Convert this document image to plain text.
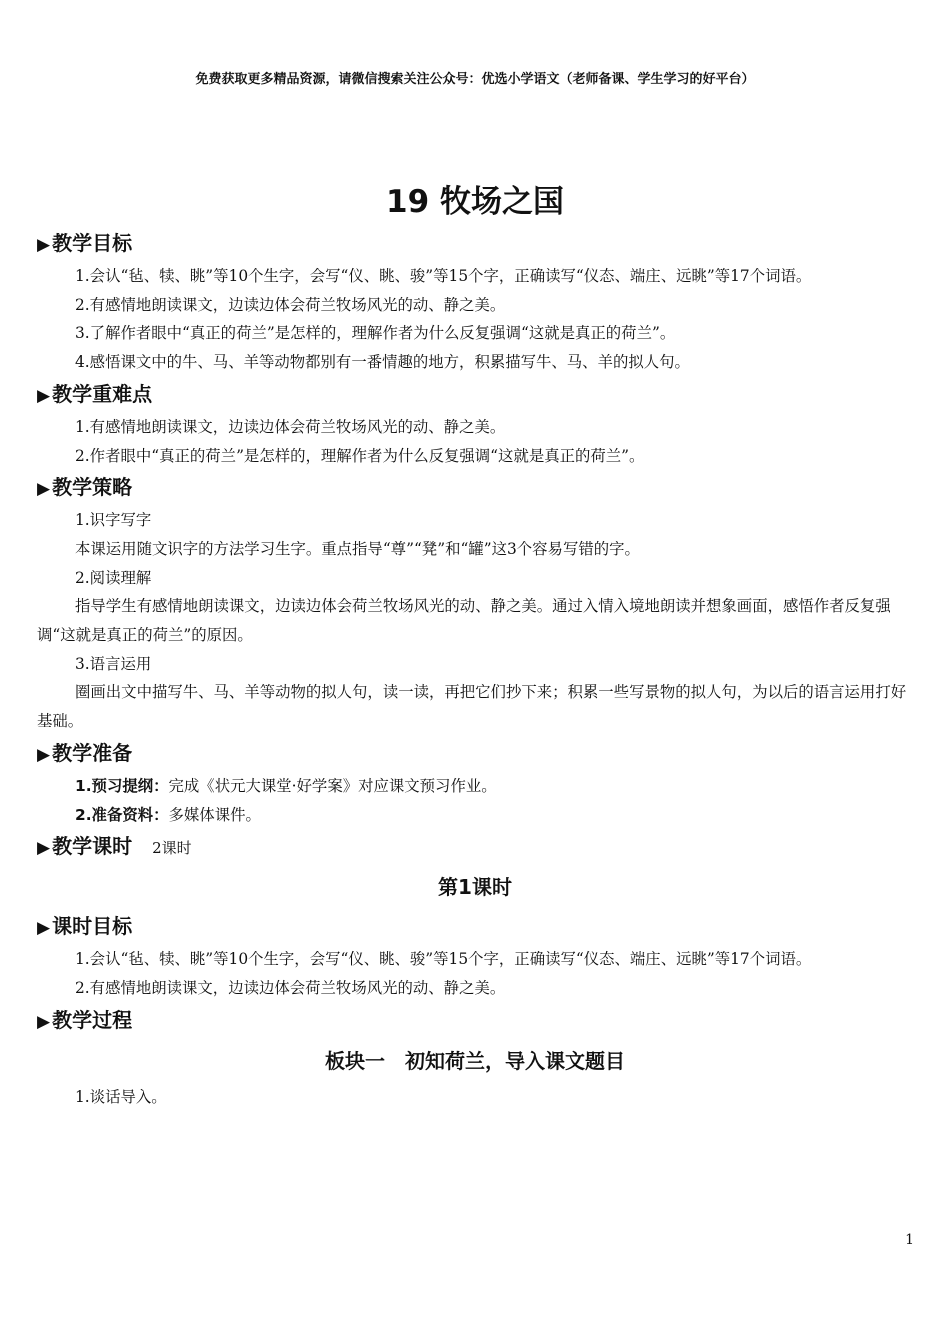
免费获取更多精品资源，请微信搜索关注公众号：优选小学语文（老师备课、学生学习的好平台）
19 牧场之国
▶ 教学目标

1.会认“毡、犊、眺”等10个生字，会写“仪、眺、骏”等15个字，正确读写“仪态、端庄、远眺”等17个词语。

2.有感情地朗读课文，边读边体会荷兰牧场风光的动、静之美。

3.了解作者眼中“真正的荷兰”是怎样的，理解作者为什么反复强调“这就是真正的荷兰”。

4.感悟课文中的牛、马、羊等动物都别有一番情趣的地方，积累描写牛、马、羊的拟人句。

▶ 教学重难点

1.有感情地朗读课文，边读边体会荷兰牧场风光的动、静之美。

2.作者眼中“真正的荷兰”是怎样的，理解作者为什么反复强调“这就是真正的荷兰”。

▶ 教学策略

1.识字写字

本课运用随文识字的方法学习生字。重点指导“尊”“凳”和“罐”这3个容易写错的字。

2.阅读理解

指导学生有感情地朗读课文，边读边体会荷兰牧场风光的动、静之美。通过入情入境地朗读并想象画面，感悟作者反复强调“这就是真正的荷兰”的原因。

3.语言运用

圈画出文中描写牛、马、羊等动物的拟人句，读一读，再把它们抄下来；积累一些写景物的拟人句，为以后的语言运用打好基础。

▶ 教学准备

1.预习提纲：完成《状元大课堂·好学案》对应课文预习作业。

2.准备资料：多媒体课件。

▶ 教学课时 2课时
第1课时
▶ 课时目标

1.会认“毡、犊、眺”等10个生字，会写“仪、眺、骏”等15个字，正确读写“仪态、端庄、远眺”等17个词语。

2.有感情地朗读课文，边读边体会荷兰牧场风光的动、静之美。

▶ 教学过程
板块一　初知荷兰，导入课文题目

1.谈话导入。

1
